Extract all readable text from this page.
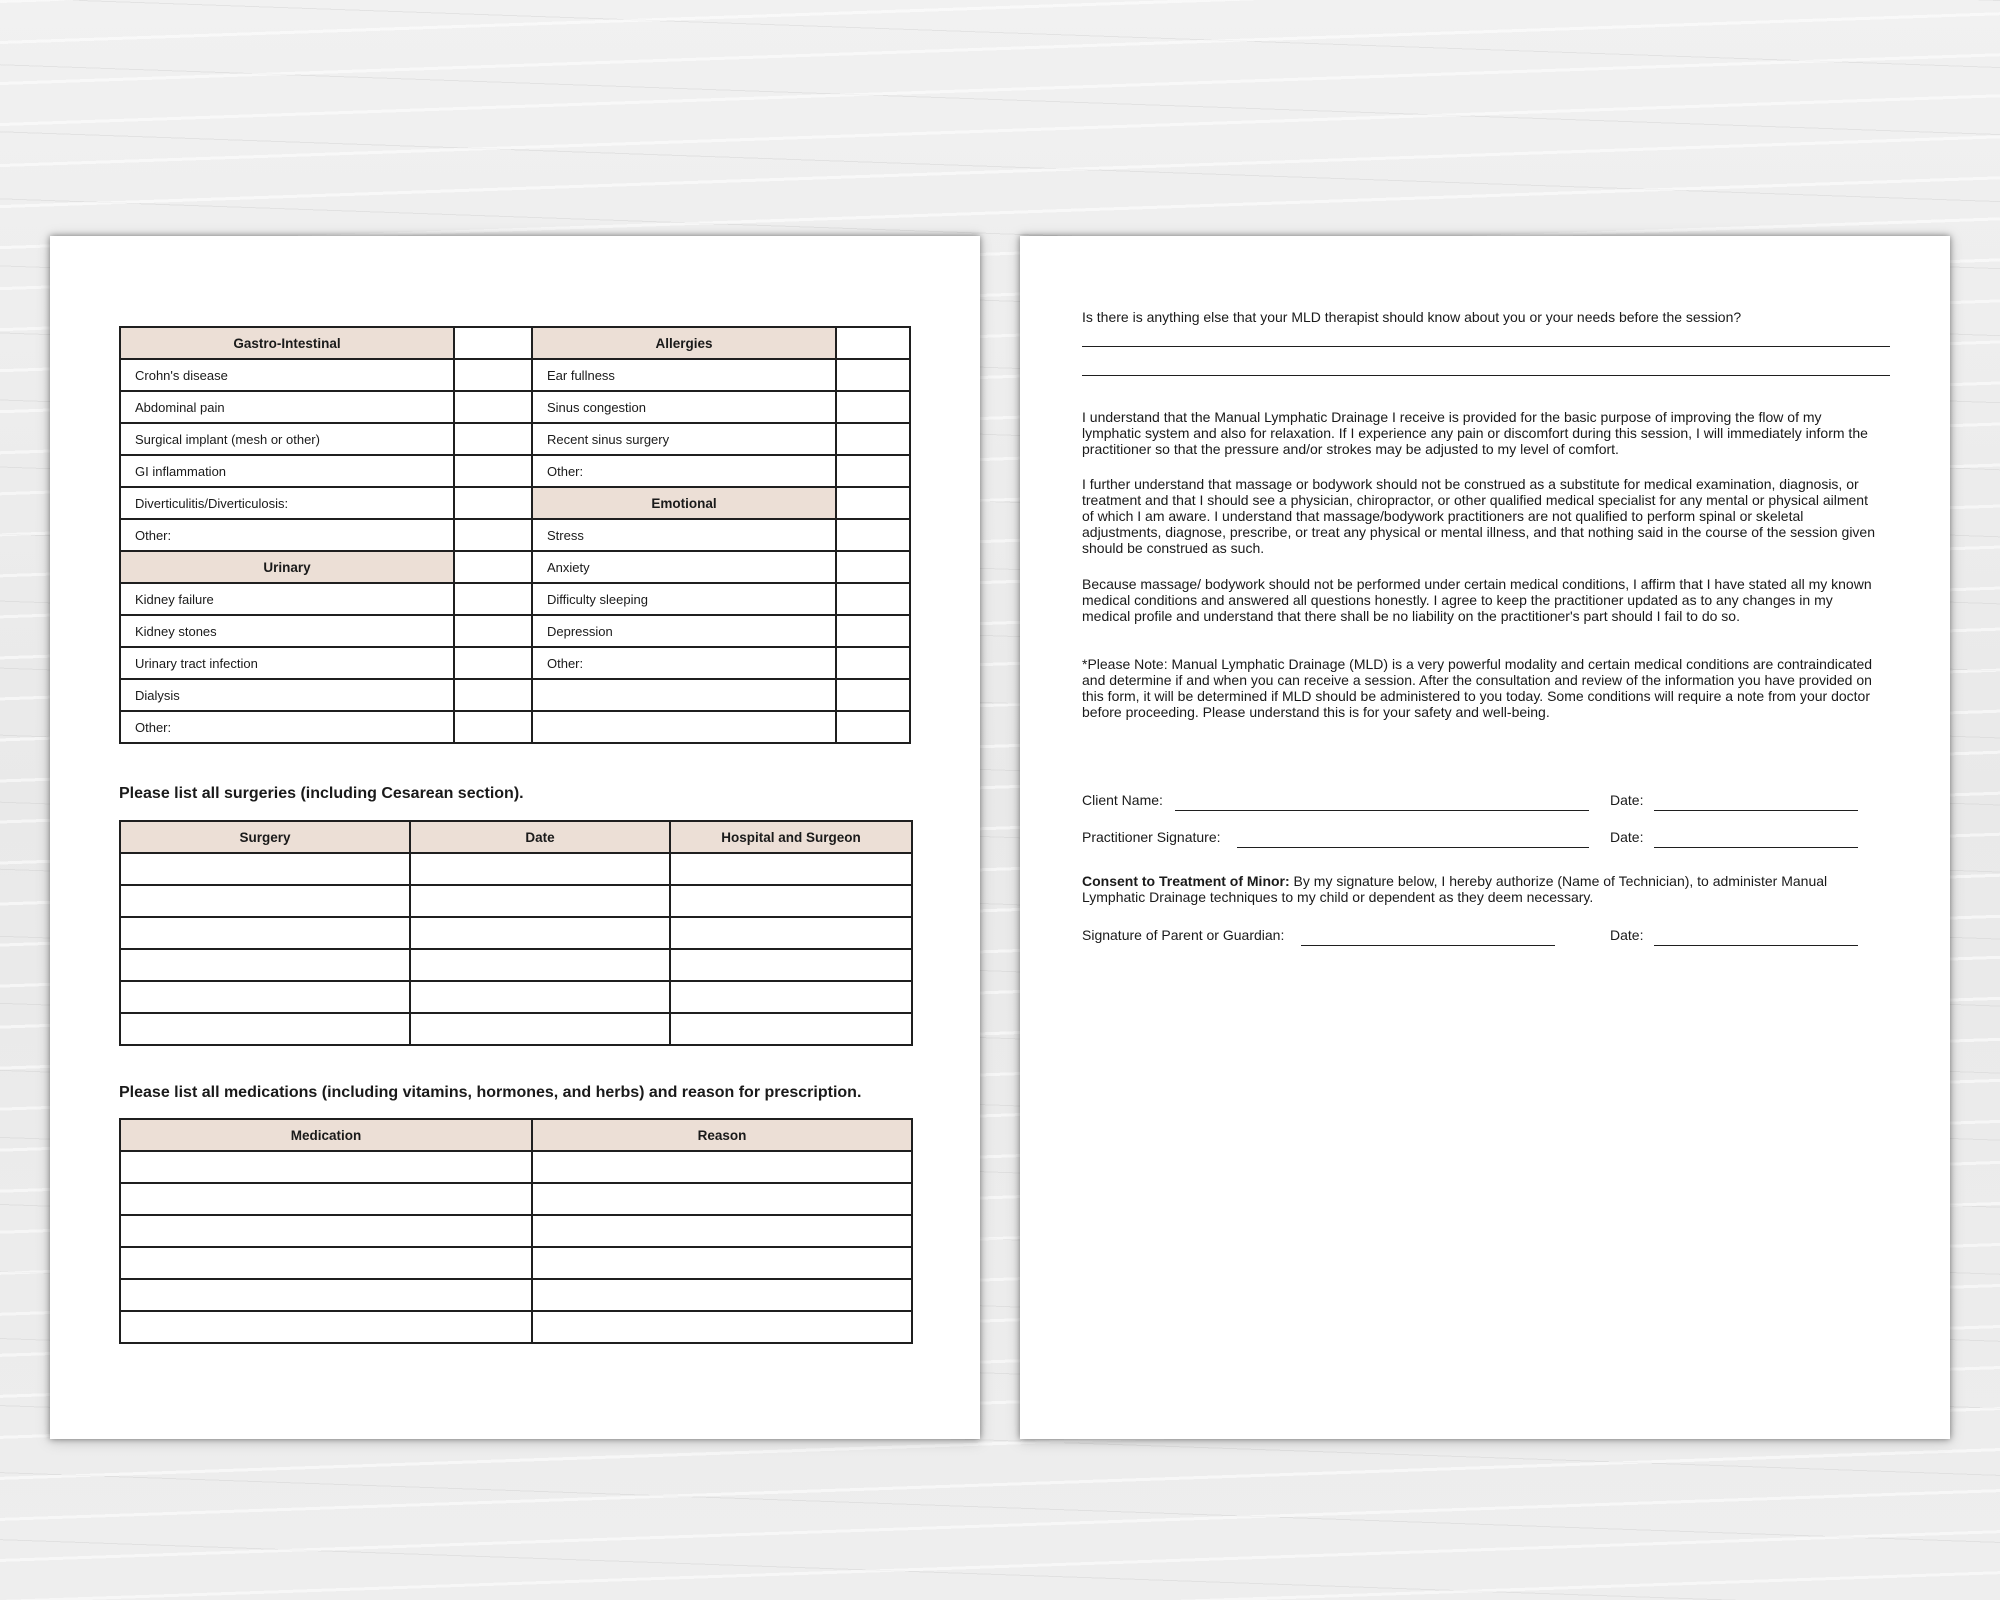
Gastro-Intestinal		Allergies	
Crohn's disease		Ear fullness	
Abdominal pain		Sinus congestion	
Surgical implant (mesh or other)		Recent sinus surgery	
GI inflammation		Other:	
Diverticulitis/Diverticulosis:		Emotional	
Other:		Stress	
Urinary		Anxiety	
Kidney failure		Difficulty sleeping	
Kidney stones		Depression	
Urinary tract infection		Other:	
Dialysis			
Other:			
Please list all surgeries (including Cesarean section).
Surgery	Date	Hospital and Surgeon

Please list all medications (including vitamins, hormones, and herbs) and reason for prescription.
Medication	Reason

Is there is anything else that your MLD therapist should know about you or your needs before the session?
I understand that the Manual Lymphatic Drainage I receive is provided for the basic purpose of improving the flow of my lymphatic system and also for relaxation. If I experience any pain or discomfort during this session, I will immediately inform the practitioner so that the pressure and/or strokes may be adjusted to my level of comfort.
I further understand that massage or bodywork should not be construed as a substitute for medical examination, diagnosis, or treatment and that I should see a physician, chiropractor, or other qualified medical specialist for any mental or physical ailment of which I am aware. I understand that massage/bodywork practitioners are not qualified to perform spinal or skeletal adjustments, diagnose, prescribe, or treat any physical or mental illness, and that nothing said in the course of the session given should be construed as such.
Because massage/ bodywork should not be performed under certain medical conditions, I affirm that I have stated all my known medical conditions and answered all questions honestly. I agree to keep the practitioner updated as to any changes in my medical profile and understand that there shall be no liability on the practitioner's part should I fail to do so.
*Please Note: Manual Lymphatic Drainage (MLD) is a very powerful modality and certain medical conditions are contraindicated and determine if and when you can receive a session. After the consultation and review of the information you have provided on this form, it will be determined if MLD should be administered to you today. Some conditions will require a note from your doctor before proceeding. Please understand this is for your safety and well-being.
Client Name:	Date:
Practitioner Signature:	Date:
Consent to Treatment of Minor: By my signature below, I hereby authorize (Name of Technician), to administer Manual Lymphatic Drainage techniques to my child or dependent as they deem necessary.
Signature of Parent or Guardian:	Date:
